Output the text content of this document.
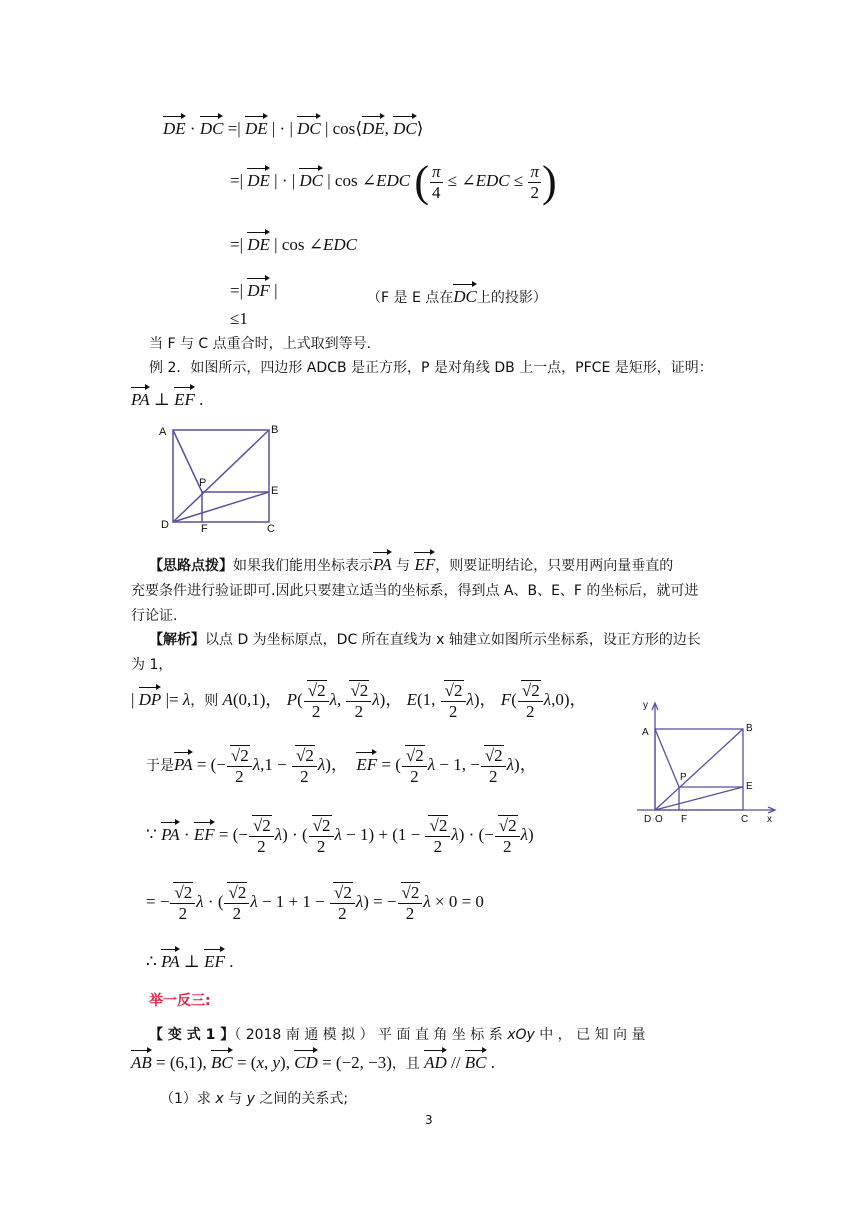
DE · DC =| DE | · | DC | cos⟨DE, DC⟩
=| DE | · | DC | cos ∠EDC ( $\frac{\pi}{4}$ ≤ ∠EDC ≤ $\frac{\pi}{2}$ )
=| DE | cos ∠EDC
=| DF |	（F 是 E 点在DC上的投影）
≤1
当 F 与 C 点重合时，上式取到等号.
例 2．如图所示，四边形 ADCB 是正方形，P 是对角线 DB 上一点，PFCE 是矩形，证明：
PA ⊥ EF .
A	B
P
E
D	F	C
【思路点拨】如果我们能用坐标表示PA 与 EF，则要证明结论，只要用两向量垂直的
充要条件进行验证即可.因此只要建立适当的坐标系，得到点 A、B、E、F 的坐标后，就可进
行论证.
【解析】以点 D 为坐标原点，DC 所在直线为 x 轴建立如图所示坐标系，设正方形的边长
为 1，
| DP |= λ，则 A(0,1)， P( √ $\frac{2}{2} \lambda$, √ $\frac{2}{2} \lambda$)， E(1, √ $\frac{2}{2} \lambda$)， F( √ $\frac{2}{2} \lambda,0$)，
于是PA = (− √ $\frac{2}{2} \lambda,1$ − √ $\frac{2}{2} \lambda$)，  EF = ( √ $\frac{2}{2}$ λ − 1, − √ $\frac{2}{2} \lambda$)，
∵ PA · EF = (− √ $\frac{2}{2} \lambda$) · ( √ $\frac{2}{2}$ λ − 1) + (1 − √ $\frac{2}{2} \lambda$) · (− √ $\frac{2}{2} \lambda$)
= − √ $\frac{2}{2}$ λ · ( √ $\frac{2}{2}$ λ − 1 + 1 − √ $\frac{2}{2} \lambda$) = − √ $\frac{2}{2}$ λ × 0 = 0
∴ PA ⊥ EF .
y
A	B
P
E
D O F	C x
举一反三:
【 变 式 1 】（ 2018 南 通 模 拟 ） 平 面 直 角 坐 标 系 xOy 中 ， 已 知 向 量
AB = (6,1), BC = (x, y), CD = (−2, −3)，且 AD // BC .
（1）求 x 与 y 之间的关系式;
3
